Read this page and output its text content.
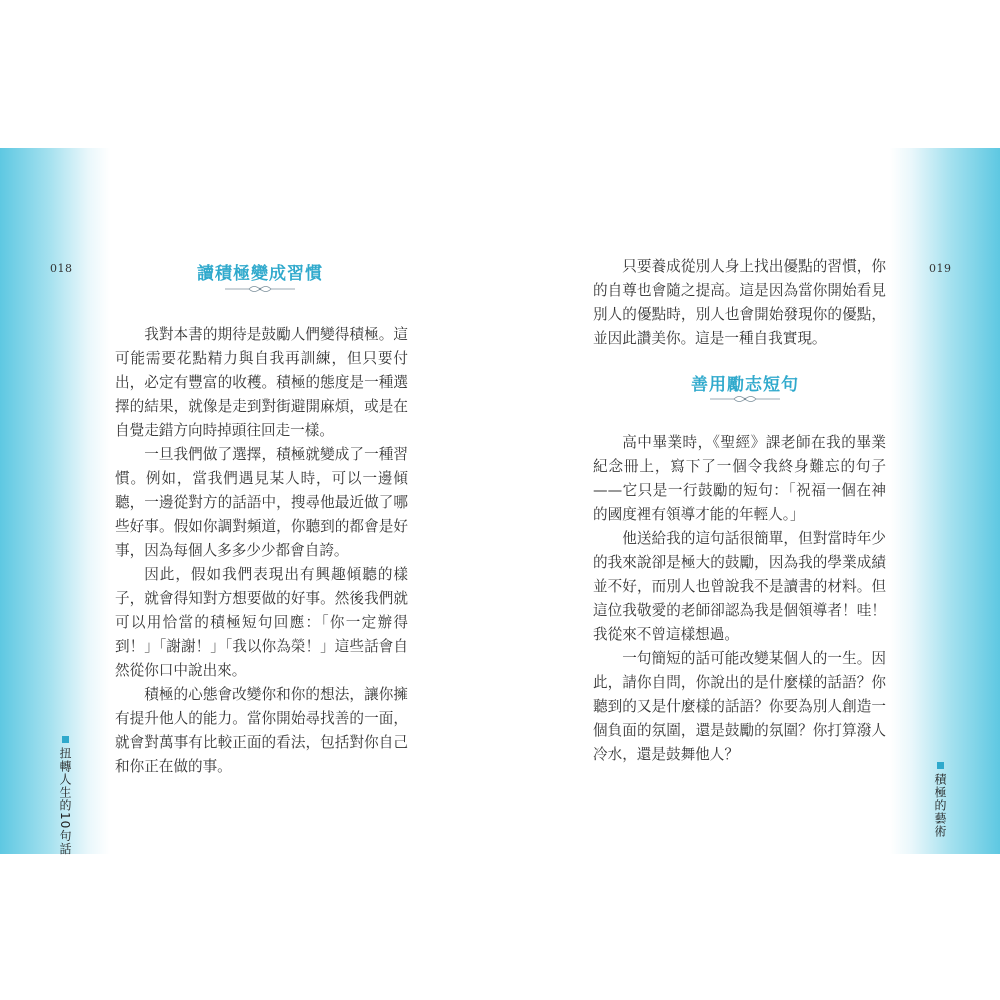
018	讀積極變成習慣

我對本書的期待是鼓勵人們變得積極。這可能需要花點精力與自我再訓練，但只要付出，必定有豐富的收穫。積極的態度是一種選擇的結果，就像是走到對街避開麻煩，或是在自覺走錯方向時掉頭往回走一樣。

一旦我們做了選擇，積極就變成了一種習慣。例如，當我們遇見某人時，可以一邊傾聽，一邊從對方的話語中，搜尋他最近做了哪些好事。假如你調對頻道，你聽到的都會是好事，因為每個人多多少少都會自誇。

因此，假如我們表現出有興趣傾聽的樣子，就會得知對方想要做的好事。然後我們就可以用恰當的積極短句回應：「你一定辦得到！」「謝謝！」「我以你為榮！」這些話會自然從你口中說出來。

積極的心態會改變你和你的想法，讓你擁有提升他人的能力。當你開始尋找善的一面，就會對萬事有比較正面的看法，包括對你自己和你正在做的事。

扭轉人生的10句話
019

只要養成從別人身上找出優點的習慣，你的自尊也會隨之提高。這是因為當你開始看見別人的優點時，別人也會開始發現你的優點，並因此讚美你。這是一種自我實現。

善用勵志短句

高中畢業時，《聖經》課老師在我的畢業紀念冊上，寫下了一個令我終身難忘的句子——它只是一行鼓勵的短句：「祝福一個在神的國度裡有領導才能的年輕人。」

他送給我的這句話很簡單，但對當時年少的我來說卻是極大的鼓勵，因為我的學業成績並不好，而別人也曾說我不是讀書的材料。但這位我敬愛的老師卻認為我是個領導者！哇！我從來不曾這樣想過。

一句簡短的話可能改變某個人的一生。因此，請你自問，你說出的是什麼樣的話語？你聽到的又是什麼樣的話語？你要為別人創造一個負面的氛圍，還是鼓勵的氛圍？你打算潑人冷水，還是鼓舞他人？

積極的藝術
